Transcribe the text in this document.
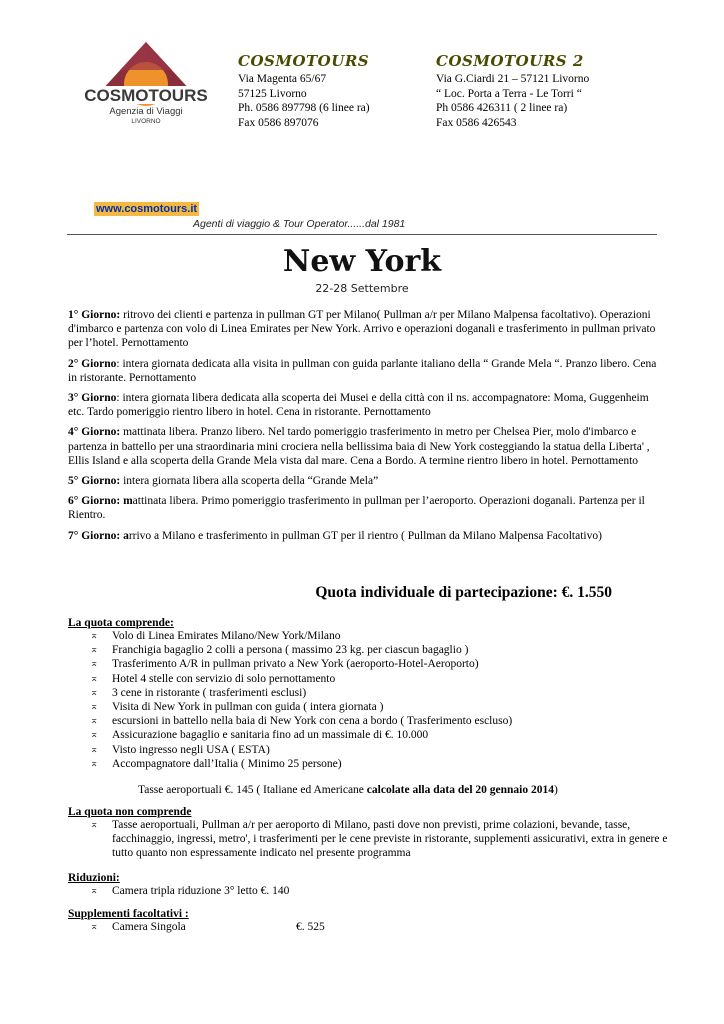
COSMOTOURS
Agenzia di Viaggi
LIVORNO
COSMOTOURS
Via Magenta 65/67
57125 Livorno
Ph. 0586 897798 (6 linee ra)
Fax 0586 897076
COSMOTOURS 2
Via G.Ciardi 21 – 57121 Livorno
“ Loc. Porta a Terra - Le Torri “
Ph 0586 426311 ( 2 linee ra)
Fax 0586 426543
www.cosmotours.it
Agenti di viaggio & Tour Operator......dal 1981
New York
22-28 Settembre
1° Giorno: ritrovo dei clienti e partenza in pullman GT per Milano( Pullman a/r per Milano Malpensa facoltativo). Operazioni d'imbarco e partenza con volo di Linea Emirates per New York. Arrivo e operazioni doganali e trasferimento in pullman privato per l’hotel. Pernottamento
2° Giorno: intera giornata dedicata alla visita in pullman con guida parlante italiano della “ Grande Mela “. Pranzo libero. Cena in ristorante. Pernottamento
3° Giorno: intera giornata libera dedicata alla scoperta dei Musei e della città con il ns. accompagnatore: Moma, Guggenheim etc. Tardo pomeriggio rientro libero in hotel. Cena in ristorante. Pernottamento
4° Giorno: mattinata libera. Pranzo libero. Nel tardo pomeriggio trasferimento in metro per Chelsea Pier, molo d'imbarco e partenza in battello per una straordinaria mini crociera nella bellissima baia di New York costeggiando la statua della Liberta' , Ellis Island e alla scoperta della Grande Mela vista dal mare. Cena a Bordo. A termine rientro libero in hotel. Pernottamento
5° Giorno: intera giornata libera alla scoperta della “Grande Mela”
6° Giorno: mattinata libera. Primo pomeriggio trasferimento in pullman per l’aeroporto. Operazioni doganali. Partenza per il Rientro.
7° Giorno: arrivo a Milano e trasferimento in pullman GT per il rientro ( Pullman da Milano Malpensa Facoltativo)
Quota individuale di partecipazione: €. 1.550
La quota comprende:
⌅ Volo di Linea Emirates Milano/New York/Milano
⌅ Franchigia bagaglio 2 colli a persona ( massimo 23 kg. per ciascun bagaglio )
⌅ Trasferimento A/R in pullman privato a New York (aeroporto-Hotel-Aeroporto)
⌅ Hotel 4 stelle con servizio di solo pernottamento
⌅ 3 cene in ristorante ( trasferimenti esclusi)
⌅ Visita di New York in pullman con guida ( intera giornata )
⌅ escursioni in battello nella baia di New York con cena a bordo ( Trasferimento escluso)
⌅ Assicurazione bagaglio e sanitaria fino ad un massimale di €. 10.000
⌅ Visto ingresso negli USA ( ESTA)
⌅ Accompagnatore dall’Italia ( Minimo 25 persone)
Tasse aeroportuali €. 145 ( Italiane ed Americane calcolate alla data del 20 gennaio 2014)
La quota non comprende
⌅ Tasse aeroportuali, Pullman a/r per aeroporto di Milano, pasti dove non previsti, prime colazioni, bevande, tasse, facchinaggio, ingressi, metro', i trasferimenti per le cene previste in ristorante, supplementi assicurativi, extra in genere e tutto quanto non espressamente indicato nel presente programma
Riduzioni:
⌅ Camera tripla riduzione 3° letto €. 140
Supplementi facoltativi :
⌅ Camera Singola	€. 525
